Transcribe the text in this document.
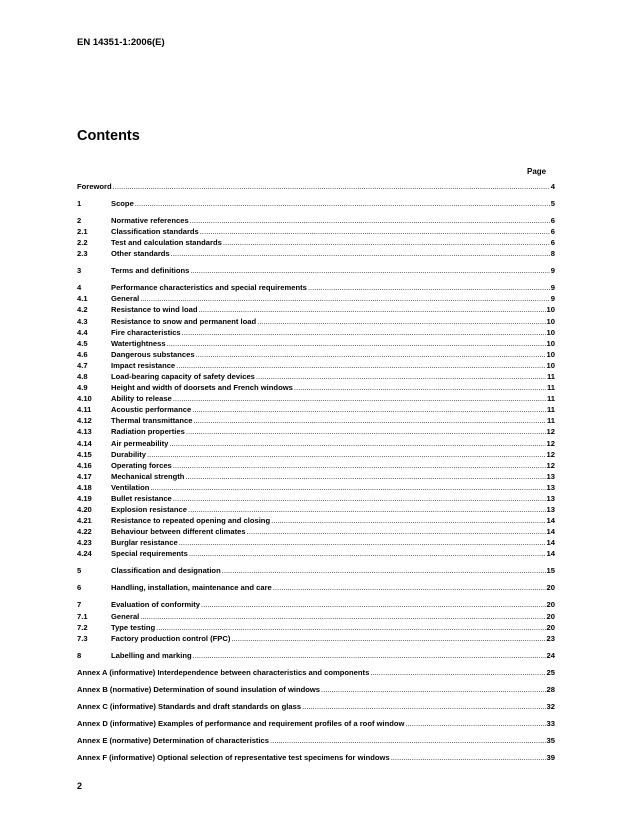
EN 14351-1:2006(E)
Contents
Page
Foreword .....	4
1	Scope .....	5
2	Normative references .....	6
2.1	Classification standards .....	6
2.2	Test and calculation standards .....	6
2.3	Other standards .....	8
3	Terms and definitions .....	9
4	Performance characteristics and special requirements .....	9
4.1	General .....	9
4.2	Resistance to wind load .....	10
4.3	Resistance to snow and permanent load .....	10
4.4	Fire characteristics .....	10
4.5	Watertightness .....	10
4.6	Dangerous substances .....	10
4.7	Impact resistance .....	10
4.8	Load-bearing capacity of safety devices .....	11
4.9	Height and width of doorsets and French windows .....	11
4.10	Ability to release .....	11
4.11	Acoustic performance .....	11
4.12	Thermal transmittance .....	11
4.13	Radiation properties .....	12
4.14	Air permeability .....	12
4.15	Durability .....	12
4.16	Operating forces .....	12
4.17	Mechanical strength .....	13
4.18	Ventilation .....	13
4.19	Bullet resistance .....	13
4.20	Explosion resistance .....	13
4.21	Resistance to repeated opening and closing .....	14
4.22	Behaviour between different climates .....	14
4.23	Burglar resistance .....	14
4.24	Special requirements .....	14
5	Classification and designation .....	15
6	Handling, installation, maintenance and care .....	20
7	Evaluation of conformity .....	20
7.1	General .....	20
7.2	Type testing .....	20
7.3	Factory production control (FPC) .....	23
8	Labelling and marking .....	24
Annex A (informative) Interdependence between characteristics and components .....	25
Annex B (normative) Determination of sound insulation of windows .....	28
Annex C (informative) Standards and draft standards on glass .....	32
Annex D (informative) Examples of performance and requirement profiles of a roof window .....	33
Annex E (normative) Determination of characteristics .....	35
Annex F (informative) Optional selection of representative test specimens for windows .....	39
2
